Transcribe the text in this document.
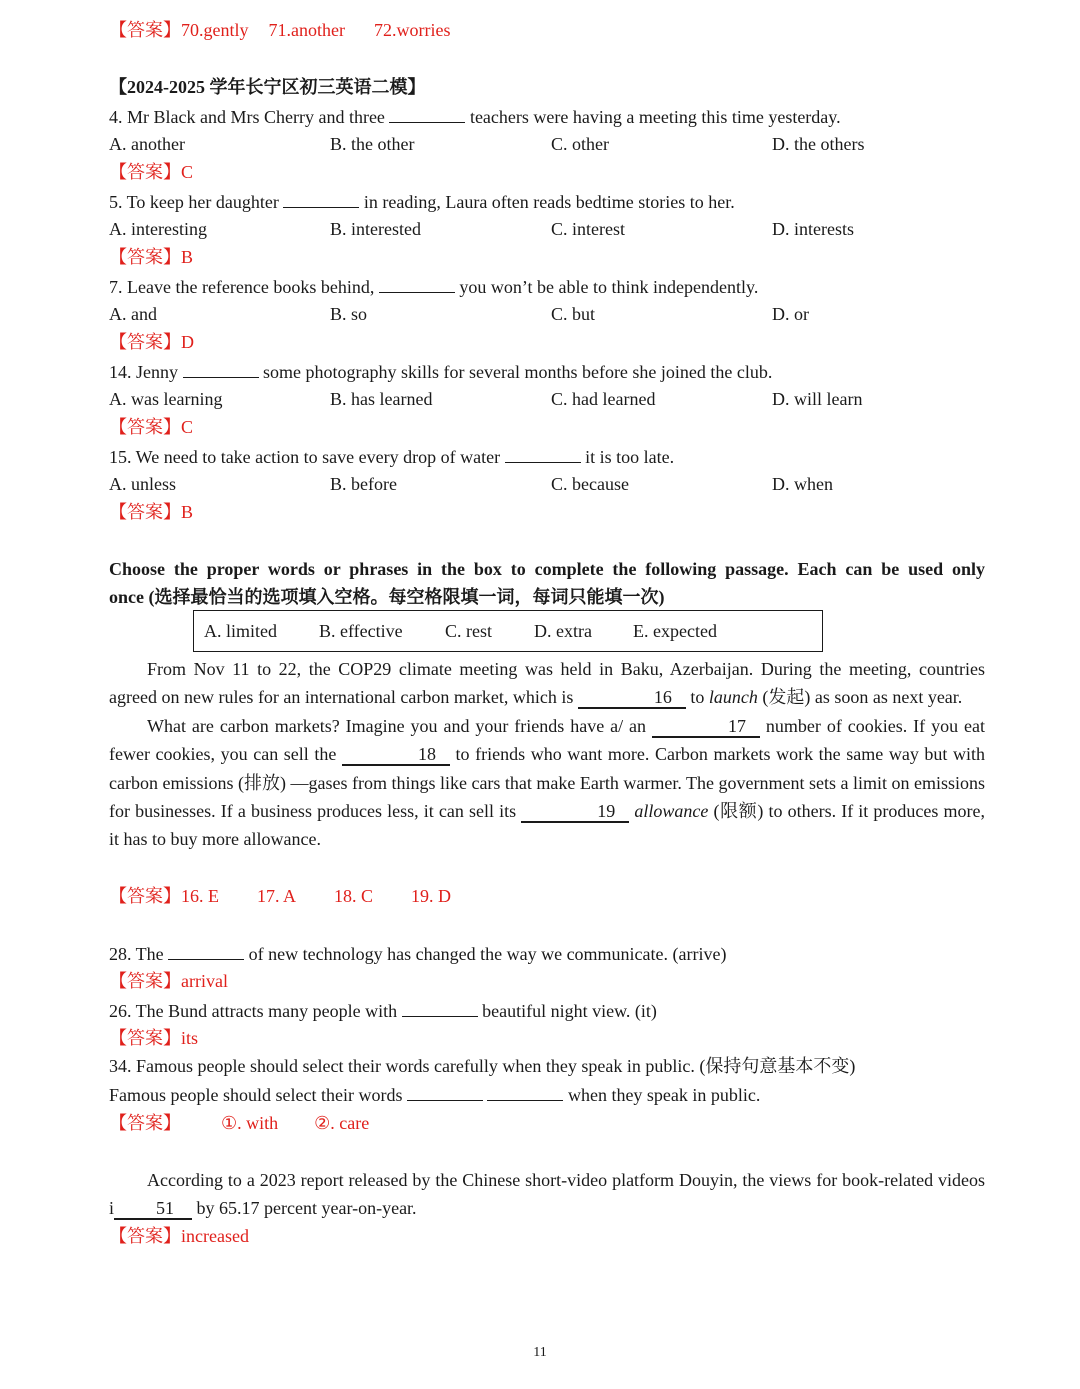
【答案】70.gently 71.another 72.worries
【2024-2025 学年长宁区初三英语二模】
4. Mr Black and Mrs Cherry and three	teachers were having a meeting this time yesterday.
A. another	B. the other	C. other	D. the others
【答案】C
5. To keep her daughter	in reading, Laura often reads bedtime stories to her.
A. interesting	B. interested	C. interest	D. interests
【答案】B
7. Leave the reference books behind,	you won’t be able to think independently.
A. and	B. so	C. but	D. or
【答案】D
14. Jenny	some photography skills for several months before she joined the club.
A. was learning	B. has learned	C. had learned	D. will learn
【答案】C
15. We need to take action to save every drop of water	it is too late.
A. unless	B. before	C. because	D. when
【答案】B
Choose the proper words or phrases in the box to complete the following passage. Each can be used only
once (选择最恰当的选项填入空格。每空格限填一词，每词只能填一次)
A. limited B. effective C. rest D. extra E. expected

From Nov 11 to 22, the COP29 climate meeting was held in Baku, Azerbaijan. During the meeting, countries agreed on new rules for an international carbon market, which is	16 to launch (发起) as soon as next year.

What are carbon markets? Imagine you and your friends have a/ an	17 number of cookies. If you eat fewer cookies, you can sell the	18 to friends who want more. Carbon markets work the same way but with carbon emissions (排放) —gases from things like cars that make Earth warmer. The government sets a limit on emissions for businesses. If a business produces less, it can sell its	19 allowance (限额) to others. If it produces more, it has to buy more allowance.

【答案】16. E 17. A 18. C 19. D
28. The	of new technology has changed the way we communicate. (arrive)
【答案】arrival
26. The Bund attracts many people with	beautiful night view. (it)
【答案】its
34. Famous people should select their words carefully when they speak in public. (保持句意基本不变)
Famous people should select their words	when they speak in public.
【答案】 ①. with ②. care

According to a 2023 report released by the Chinese short-video platform Douyin, the views for book-related videos i 51 by 65.17 percent year-on-year.

【答案】increased
11
